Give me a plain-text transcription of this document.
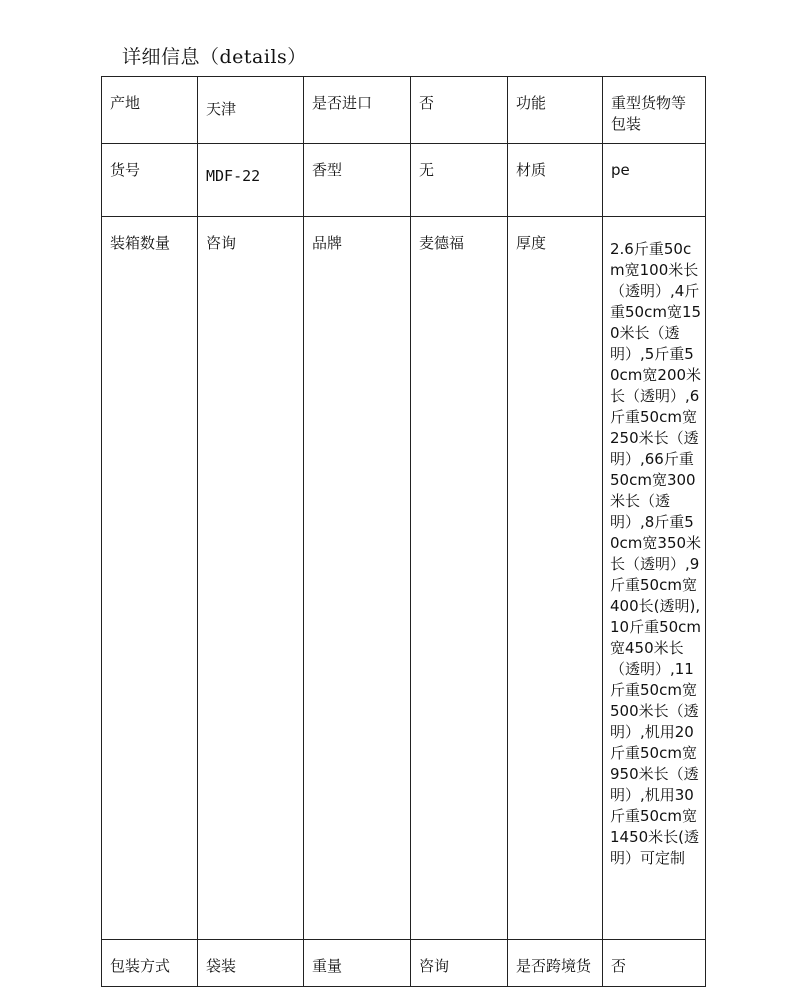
详细信息（details）
产地	天津	是否进口	否	功能	重型货物等包装
货号	MDF-22	香型	无	材质	pe
装箱数量	咨询	品牌	麦德福	厚度	2.6斤重50cm宽100米长（透明）,4斤重50cm宽150米长（透明）,5斤重50cm宽200米长（透明）,6斤重50cm宽250米长（透明）,66斤重50cm宽300米长（透明）,8斤重50cm宽350米长（透明）,9斤重50cm宽400长(透明),10斤重50cm宽450米长（透明）,11斤重50cm宽500米长（透明）,机用20斤重50cm宽950米长（透明）,机用30斤重50cm宽1450米长(透明）可定制
包装方式	袋装	重量	咨询	是否跨境货	否
